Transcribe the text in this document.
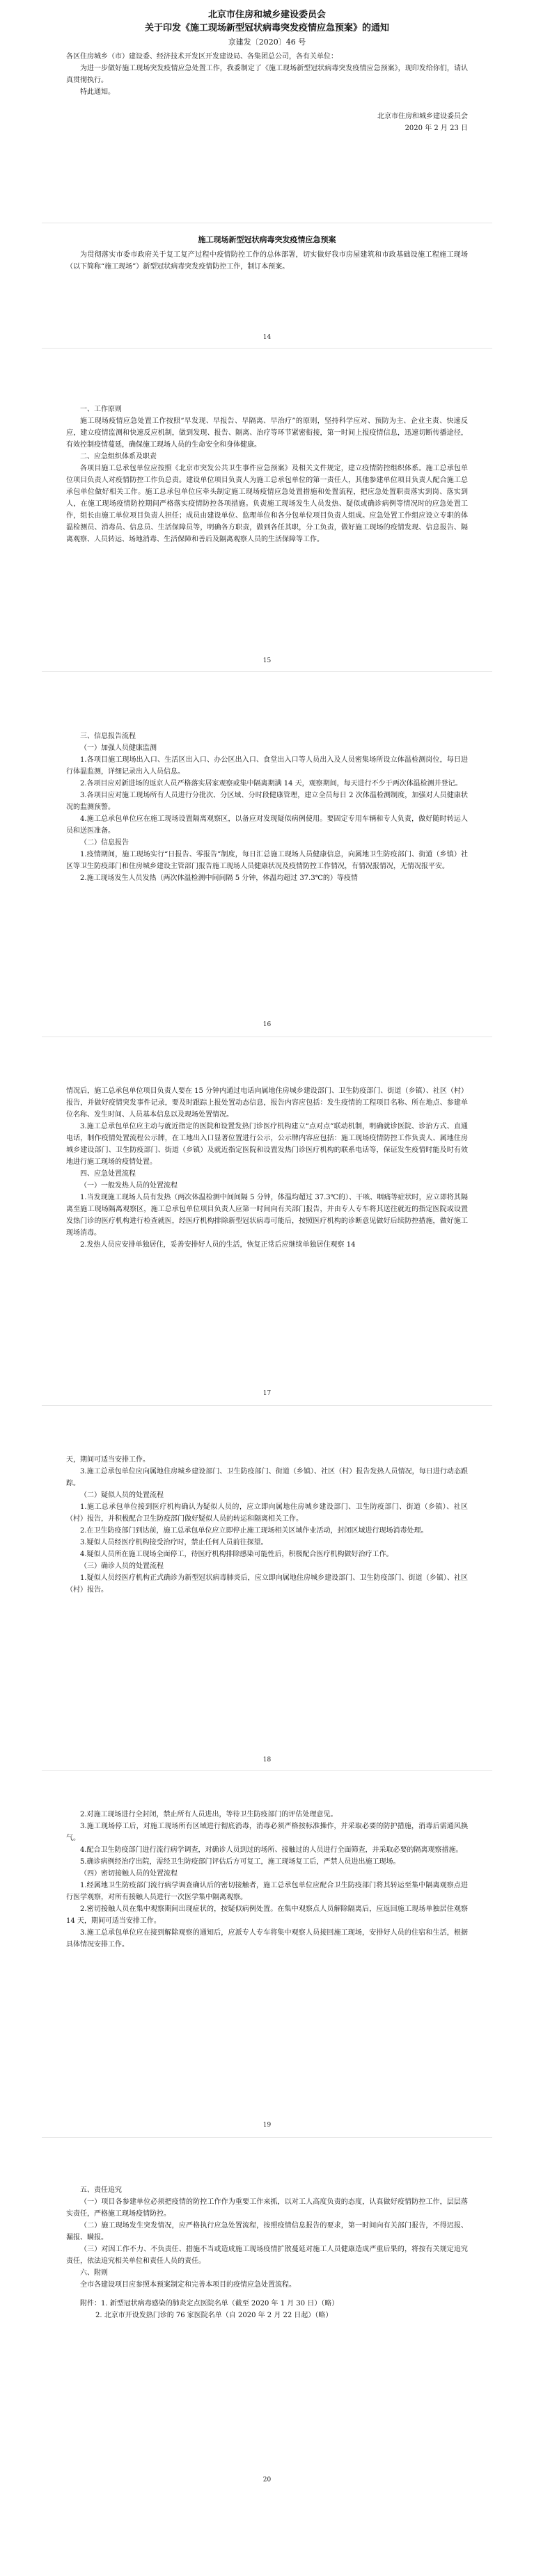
北京市住房和城乡建设委员会

关于印发《施工现场新型冠状病毒突发疫情应急预案》的通知

京建发〔2020〕46 号

各区住房城乡（市）建设委、经济技术开发区开发建设局、各集团总公司，各有关单位：

为进一步做好施工现场突发疫情应急处置工作，我委制定了《施工现场新型冠状病毒突发疫情应急预案》，现印发给你们，请认真贯彻执行。

特此通知。

北京市住房和城乡建设委员会

2020 年 2 月 23 日

施工现场新型冠状病毒突发疫情应急预案

为贯彻落实市委市政府关于复工复产过程中疫情防控工作的总体部署，切实做好我市房屋建筑和市政基础设施工程施工现场（以下简称“施工现场”）新型冠状病毒突发疫情防控工作，制订本预案。

14

一、工作原则

施工现场疫情应急处置工作按照“早发现、早报告、早隔离、早治疗”的原则，坚持科学应对、预防为主、企业主责、快速反应，建立疫情监测和快速反应机制，做到发现、报告、隔离、治疗等环节紧密衔接，第一时间上报疫情信息，迅速切断传播途径，有效控制疫情蔓延，确保施工现场人员的生命安全和身体健康。

二、应急组织体系及职责

各项目施工总承包单位应按照《北京市突发公共卫生事件应急预案》及相关文件规定，建立疫情防控组织体系。施工总承包单位项目负责人对疫情防控工作负总责。建设单位项目负责人为施工总承包单位的第一责任人，其他参建单位项目负责人配合施工总承包单位做好相关工作。施工总承包单位应牵头制定施工现场疫情应急处置措施和处置流程，把应急处置职责落实到岗、落实到人，在施工现场疫情防控期间严格落实疫情防控各项措施。负责施工现场发生人员发热、疑似或确诊病例等情况时的应急处置工作，组长由施工单位项目负责人担任；成员由建设单位、监理单位和各分包单位项目负责人组成。应急处置工作组应设立专职的体温检测员、消毒员、信息员、生活保障员等，明确各方职责，做到各任其职，分工负责，做好施工现场的疫情发现、信息报告、隔离观察、人员转运、场地消毒、生活保障和善后及隔离观察人员的生活保障等工作。

15

三、信息报告流程

（一）加强人员健康监测

1.各项目施工现场出入口、生活区出入口、办公区出入口、食堂出入口等人员出入及人员密集场所设立体温检测岗位，每日进行体温监测，详细记录出入人员信息。

2.各项目应对新进场的返京人员严格落实居家观察或集中隔离期满 14 天，观察期间，每天进行不少于两次体温检测并登记。

3.各项目应对施工现场所有人员进行分批次、分区域、分时段健康管理，建立全员每日 2 次体温检测制度，加强对人员健康状况的监测预警。

4.施工总承包单位应在施工现场设置隔离观察区，以备应对发现疑似病例使用。要固定专用车辆和专人负责，做好随时转运人员和送医准备。

（二）信息报告

1.疫情期间，施工现场实行“日报告、零报告”制度，每日汇总施工现场人员健康信息，向属地卫生防疫部门、街道（乡镇）社区等卫生防疫部门和住房城乡建设主管部门报告施工现场人员健康状况及疫情防控工作情况，有情况报情况，无情况报平安。

2.施工现场发生人员发热（两次体温检测中间间隔 5 分钟，体温均超过 37.3℃的）等疫情

16

情况后，施工总承包单位项目负责人要在 15 分钟内通过电话向属地住房城乡建设部门、卫生防疫部门、街道（乡镇）、社区（村）报告，并做好疫情突发事件记录，要及时跟踪上报处置动态信息，报告内容应包括：发生疫情的工程项目名称、所在地点、参建单位名称、发生时间、人员基本信息以及现场处置情况。

3.施工总承包单位应主动与就近指定的医院和设置发热门诊医疗机构建立“点对点”联动机制，明确就诊医院、诊治方式、直通电话，制作疫情处置流程公示牌，在工地出入口显著位置进行公示，公示牌内容应包括：施工现场疫情防控工作负责人、属地住房城乡建设部门、卫生防疫部门、街道（乡镇）及就近指定医院和设置发热门诊医疗机构的联系电话等，保证发生疫情时能及时有效地进行施工现场的疫情处置。

四、应急处置流程

（一）一般发热人员的处置流程

1.当发现施工现场人员有发热（两次体温检测中间间隔 5 分钟，体温均超过 37.3℃的）、干咳、咽痛等症状时，应立即将其隔离至施工现场隔离观察区，施工总承包单位项目负责人应第一时间向有关部门报告，并由专人专车将其送往就近的指定医院或设置发热门诊的医疗机构进行检查就医，经医疗机构排除新型冠状病毒可能后，按照医疗机构的诊断意见做好后续防控措施，做好施工现场消毒。

2.发热人员应安排单独居住，妥善安排好人员的生活，恢复正常后应继续单独居住观察 14

17

天，期间可适当安排工作。

3.施工总承包单位应向属地住房城乡建设部门、卫生防疫部门、街道（乡镇）、社区（村）报告发热人员情况，每日进行动态跟踪。

（二）疑似人员的处置流程

1.施工总承包单位接到医疗机构确认为疑似人员的，应立即向属地住房城乡建设部门、卫生防疫部门、街道（乡镇）、社区（村）报告，并积极配合卫生防疫部门做好疑似人员的转运和隔离相关工作。

2.在卫生防疫部门到达前，施工总承包单位应立即停止施工现场相关区域作业活动，封闭区域进行现场消毒处理。

3.疑似人员经医疗机构接受治疗时，禁止任何人员前往探望。

4.疑似人员所在施工现场全面停工，待医疗机构排除感染可能性后，积极配合医疗机构做好治疗工作。

（三）确诊人员的处置流程

1.疑似人员经医疗机构正式确诊为新型冠状病毒肺炎后，应立即向属地住房城乡建设部门、卫生防疫部门、街道（乡镇）、社区（村）报告。

18

2.对施工现场进行全封闭，禁止所有人员进出，等待卫生防疫部门的评估处理意见。

3.施工现场停工后，对施工现场所有区域进行彻底消毒，消毒必须严格按标准操作，并采取必要的防护措施，消毒后需通风换气。

4.配合卫生防疫部门进行流行病学调查，对确诊人员到过的场所、接触过的人员进行全面筛查，并采取必要的隔离观察措施。

5.确诊病例经治疗出院，需经卫生防疫部门评估后方可复工，施工现场复工后，严禁人员进出施工现场。

（四）密切接触人员的处置流程

1.经属地卫生防疫部门流行病学调查确认后的密切接触者，施工总承包单位应配合卫生防疫部门将其转运至集中隔离观察点进行医学观察，对所有接触人员进行一次医学集中隔离观察。

2.密切接触人员在集中观察期间出现症状的，按疑似病例处置。在集中观察点人员解除隔离后，应返回施工现场单独居住观察 14 天，期间可适当安排工作。

3.施工总承包单位应在接到解除观察的通知后，应派专人专车将集中观察人员接回施工现场，安排好人员的住宿和生活，根据具体情况安排工作。

19

五、责任追究

（一）项目各参建单位必须把疫情的防控工作作为重要工作来抓，以对工人高度负责的态度，认真做好疫情防控工作，层层落实责任，严格施工现场疫情防控。

（二）施工现场发生突发情况，应严格执行应急处置流程，按照疫情信息报告的要求，第一时间向有关部门报告，不得迟报、漏报、瞒报。

（三）对因工作不力、不负责任、措施不当或造成施工现场疫情扩散蔓延对施工人员健康造成严重后果的，将按有关规定追究责任，依法追究相关单位和责任人员的责任。

六、附则

全市各建设项目应参照本预案制定和完善本项目的疫情应急处置流程。

附件：1. 新型冠状病毒感染的肺炎定点医院名单（截至 2020 年 1 月 30 日）（略）

2. 北京市开设发热门诊的 76 家医院名单（自 2020 年 2 月 22 日起）（略）

20
